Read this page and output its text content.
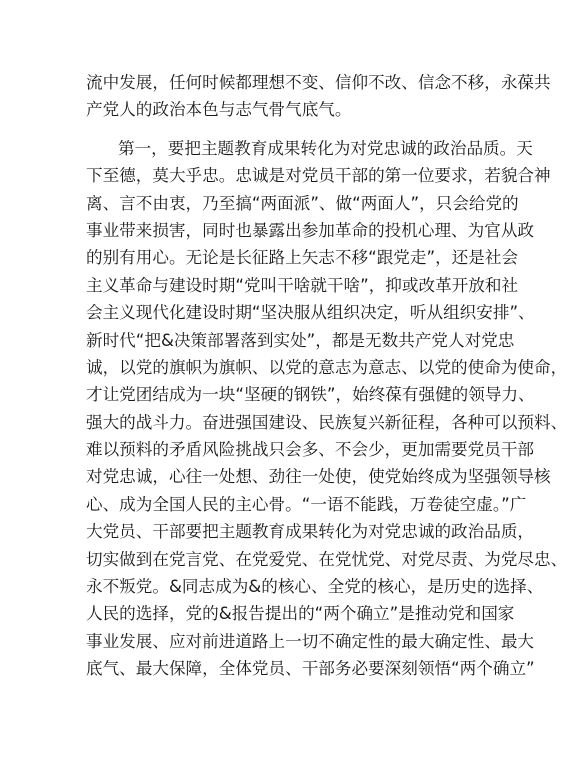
流中发展，任何时候都理想不变、信仰不改、信念不移，永葆共
产党人的政治本色与志气骨气底气。
第一，要把主题教育成果转化为对党忠诚的政治品质。天
下至德，莫大乎忠。忠诚是对党员干部的第一位要求，若貌合神
离、言不由衷，乃至搞“两面派”、做“两面人”，只会给党的
事业带来损害，同时也暴露出参加革命的投机心理、为官从政
的别有用心。无论是长征路上矢志不移“跟党走”，还是社会
主义革命与建设时期“党叫干啥就干啥”，抑或改革开放和社
会主义现代化建设时期“坚决服从组织决定，听从组织安排”、
新时代“把&决策部署落到实处”，都是无数共产党人对党忠
诚，以党的旗帜为旗帜、以党的意志为意志、以党的使命为使命，
才让党团结成为一块“坚硬的钢铁”，始终葆有强健的领导力、
强大的战斗力。奋进强国建设、民族复兴新征程，各种可以预料、
难以预料的矛盾风险挑战只会多、不会少，更加需要党员干部
对党忠诚，心往一处想、劲往一处使，使党始终成为坚强领导核
心、成为全国人民的主心骨。“一语不能践，万卷徒空虚。”广
大党员、干部要把主题教育成果转化为对党忠诚的政治品质，
切实做到在党言党、在党爱党、在党忧党、对党尽责、为党尽忠、
永不叛党。&同志成为&的核心、全党的核心，是历史的选择、
人民的选择，党的&报告提出的“两个确立”是推动党和国家
事业发展、应对前进道路上一切不确定性的最大确定性、最大
底气、最大保障，全体党员、干部务必要深刻领悟“两个确立”
